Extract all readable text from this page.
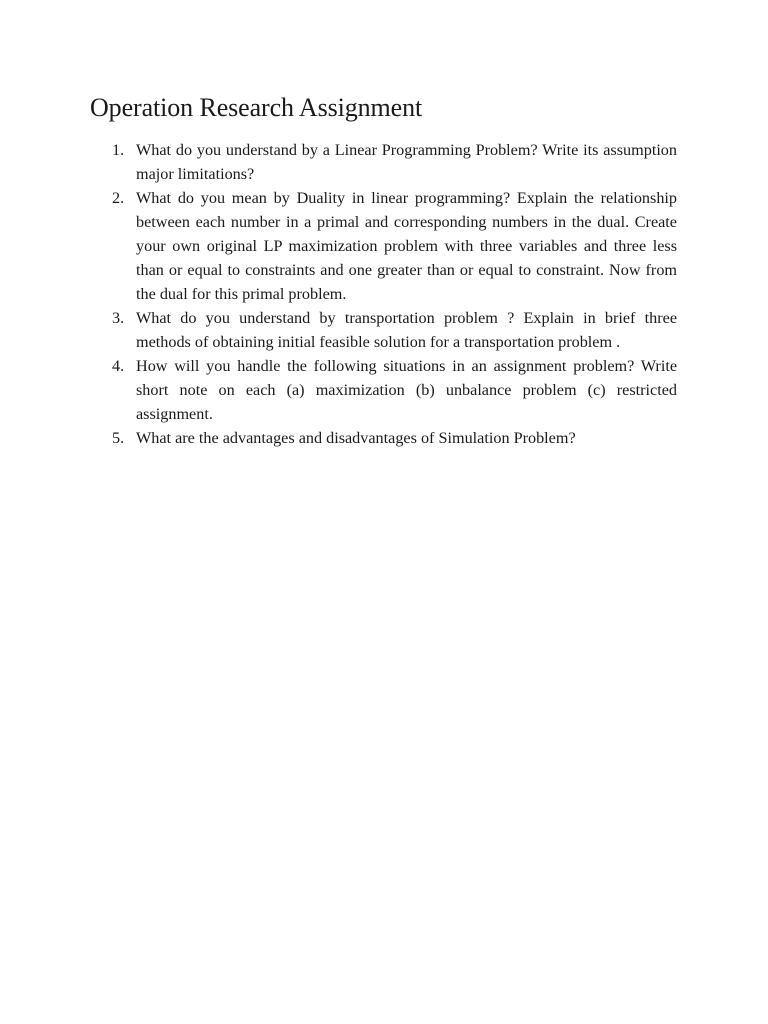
Operation Research Assignment
1. What do you understand by a Linear Programming Problem? Write its assumption major limitations?
2. What do you mean by Duality in linear programming? Explain the relationship between each number in a primal and corresponding numbers in the dual. Create your own original LP maximization problem with three variables and three less than or equal to constraints and one greater than or equal to constraint. Now from the dual for this primal problem.
3. What do you understand by transportation problem ? Explain in brief three methods of obtaining initial feasible solution for a transportation problem .
4. How will you handle the following situations in an assignment problem? Write short note on each (a) maximization (b) unbalance problem (c) restricted assignment.
5. What are the advantages and disadvantages of Simulation Problem?
